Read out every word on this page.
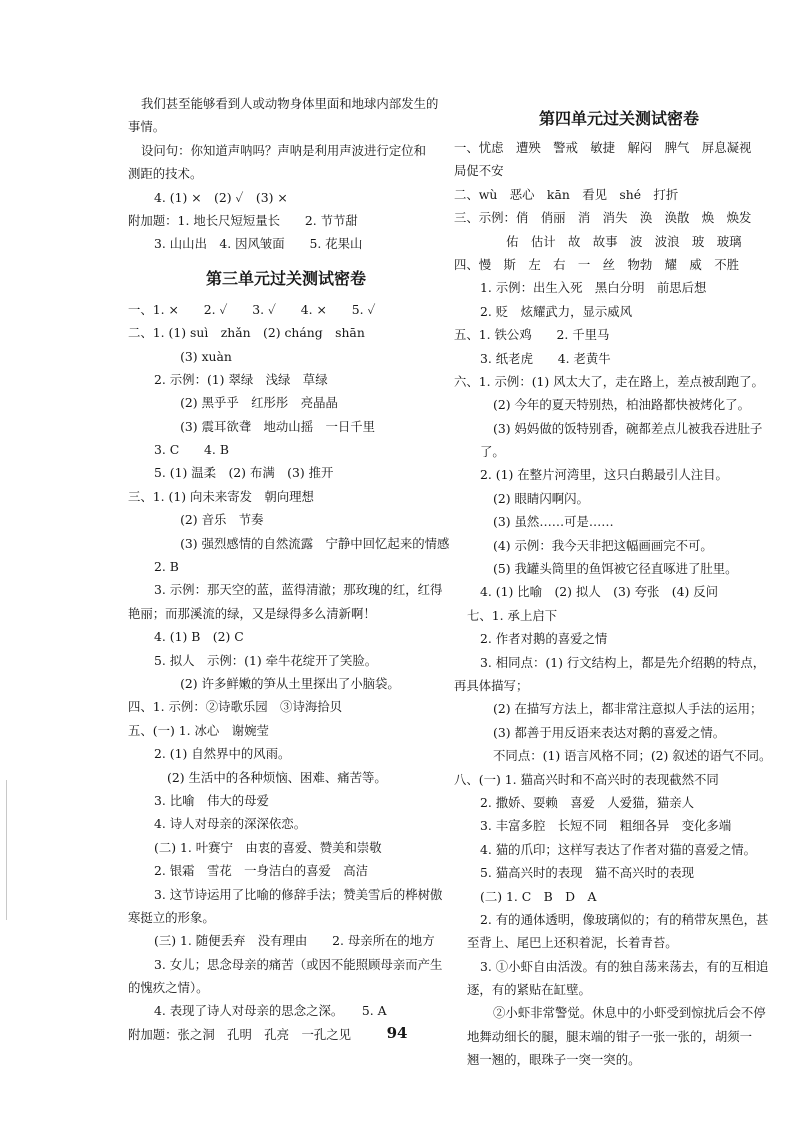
我们甚至能够看到人或动物身体里面和地球内部发生的
事情。
设问句：你知道声呐吗？声呐是利用声波进行定位和
测距的技术。
4. (1) ×　(2) ✓　(3) ×
附加题：1. 地长尺短短量长　　2. 节节甜
3. 山山出　4. 因风皱面　　5. 花果山
第三单元过关测试密卷
一、1. ×　　2. ✓　　3. ✓　　4. ×　　5. ✓
二、1. (1) suì　zhǎn　(2) cháng　shān
(3) xuàn
2. 示例：(1) 翠绿　浅绿　草绿
(2) 黑乎乎　红彤彤　亮晶晶
(3) 震耳欲聋　地动山摇　一日千里
3. C　　4. B
5. (1) 温柔　(2) 布满　(3) 推开
三、1. (1) 向未来寄发　朝向理想
(2) 音乐　节奏
(3) 强烈感情的自然流露　宁静中回忆起来的情感
2. B
3. 示例：那天空的蓝，蓝得清澈；那玫瑰的红，红得
艳丽；而那溪流的绿，又是绿得多么清新啊！
4. (1) B　(2) C
5. 拟人　示例：(1) 牵牛花绽开了笑脸。
(2) 许多鲜嫩的笋从土里探出了小脑袋。
四、1. 示例：②诗歌乐园　③诗海拾贝
五、(一) 1. 冰心　谢婉莹
2. (1) 自然界中的风雨。
(2) 生活中的各种烦恼、困难、痛苦等。
3. 比喻　伟大的母爱
4. 诗人对母亲的深深依恋。
(二) 1. 叶赛宁　由衷的喜爱、赞美和崇敬
2. 银霜　雪花　一身洁白的喜爱　高洁
3. 这节诗运用了比喻的修辞手法；赞美雪后的桦树傲
寒挺立的形象。
(三) 1. 随便丢弃　没有理由　　2. 母亲所在的地方
3. 女儿；思念母亲的痛苦（或因不能照顾母亲而产生
的愧疚之情）。
4. 表现了诗人对母亲的思念之深。　　5. A
附加题：张之洞　孔明　孔亮　一孔之见
第四单元过关测试密卷
一、忧虑　遭殃　警戒　敏捷　解闷　脾气　屏息凝视
局促不安
二、wù　恶心　kān　看见　shé　打折
三、示例：俏　俏丽　消　消失　涣　涣散　焕　焕发
佑　估计　故　故事　波　波浪　玻　玻璃
四、慢　斯　左　右　一　丝　物勃　耀　威　不胜
1. 示例：出生入死　黑白分明　前思后想
2. 贬　炫耀武力，显示威风
五、1. 铁公鸡　　2. 千里马
3. 纸老虎　　4. 老黄牛
六、1. 示例：(1) 风太大了，走在路上，差点被刮跑了。
(2) 今年的夏天特别热，柏油路都快被烤化了。
(3) 妈妈做的饭特别香，碗都差点儿被我吞进肚子
了。
2. (1) 在整片河湾里，这只白鹅最引人注目。
(2) 眼睛闪啊闪。
(3) 虽然……可是……
(4) 示例：我今天非把这幅画画完不可。
(5) 我罐头筒里的鱼饵被它径直啄进了肚里。
4. (1) 比喻　(2) 拟人　(3) 夸张　(4) 反问
七、1. 承上启下
2. 作者对鹅的喜爱之情
3. 相同点：(1) 行文结构上，都是先介绍鹅的特点，
再具体描写；
(2) 在描写方法上，都非常注意拟人手法的运用；
(3) 都善于用反语来表达对鹅的喜爱之情。
不同点：(1) 语言风格不同；(2) 叙述的语气不同。
八、(一) 1. 猫高兴时和不高兴时的表现截然不同
2. 撒娇、耍赖　喜爱　人爱猫，猫亲人
3. 丰富多腔　长短不同　粗细各异　变化多端
4. 猫的爪印；这样写表达了作者对猫的喜爱之情。
5. 猫高兴时的表现　猫不高兴时的表现
(二) 1. C　B　D　A
2. 有的通体透明，像玻璃似的；有的稍带灰黑色，甚
至背上、尾巴上还积着泥，长着青苔。
3. ①小虾自由活泼。有的独自荡来荡去，有的互相追
逐，有的紧贴在缸壁。
②小虾非常警觉。休息中的小虾受到惊扰后会不停
地舞动细长的腿，腿末端的钳子一张一张的，胡须一
翘一翘的，眼珠子一突一突的。
94
